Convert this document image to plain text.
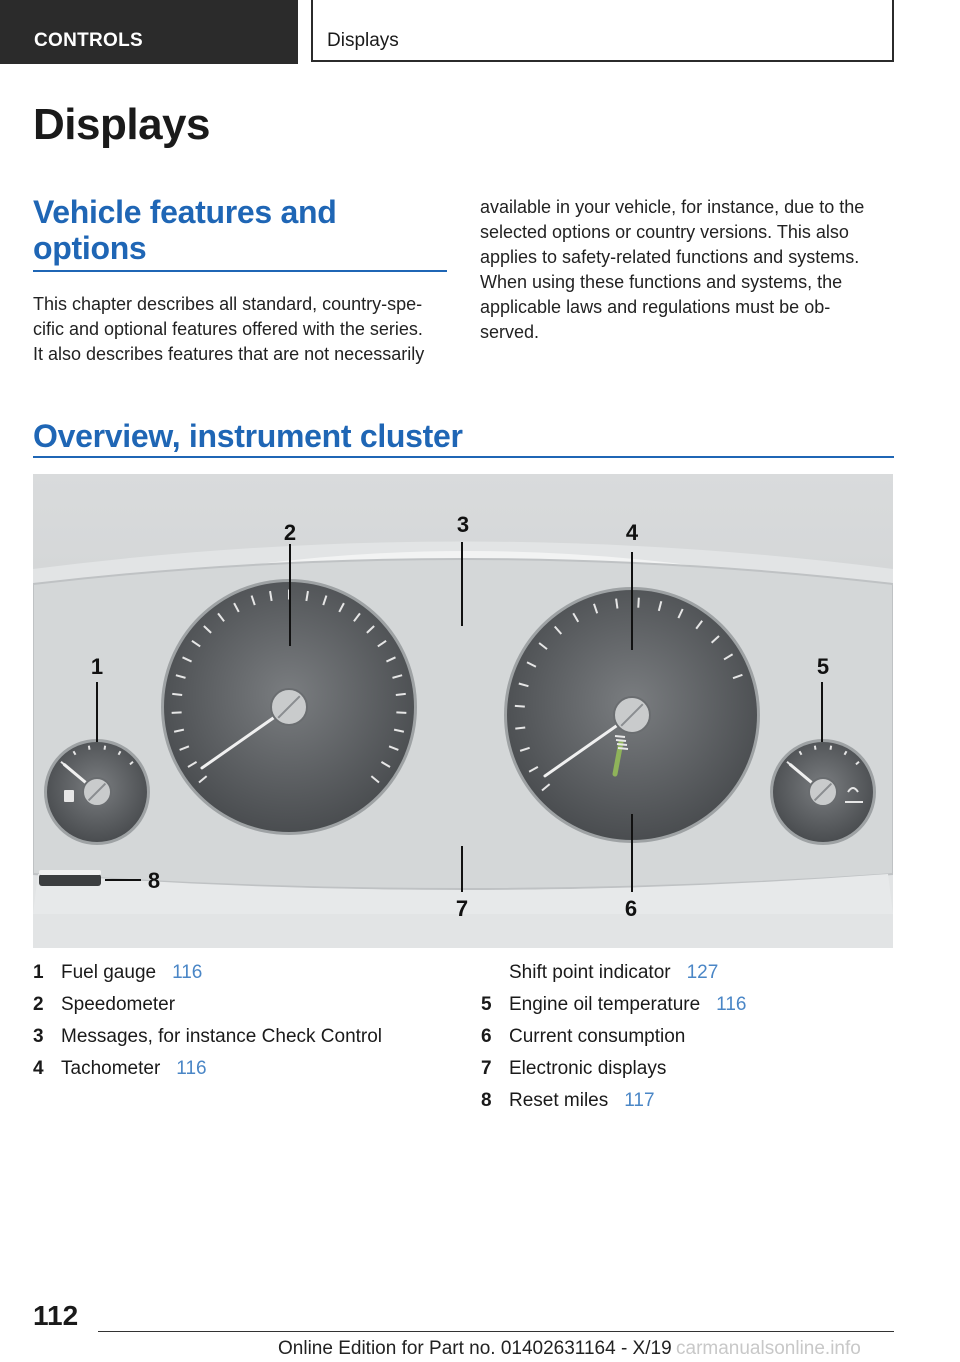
CONTROLS	Displays
Displays
Vehicle features and options
This chapter describes all standard, country-spe-
cific and optional features offered with the series.
It also describes features that are not necessarily
available in your vehicle, for instance, due to the
selected options or country versions. This also
applies to safety-related functions and systems.
When using these functions and systems, the
applicable laws and regulations must be ob-
served.
Overview, instrument cluster
1
2	3	4
5
6
7
8
1 Fuel gauge 116
2 Speedometer
3 Messages, for instance Check Control
4 Tachometer 116
Shift point indicator 127
5 Engine oil temperature 116
6 Current consumption
7 Electronic displays
8 Reset miles 117
112
Online Edition for Part no. 01402631164 - X/19 carmanualsonline.info
